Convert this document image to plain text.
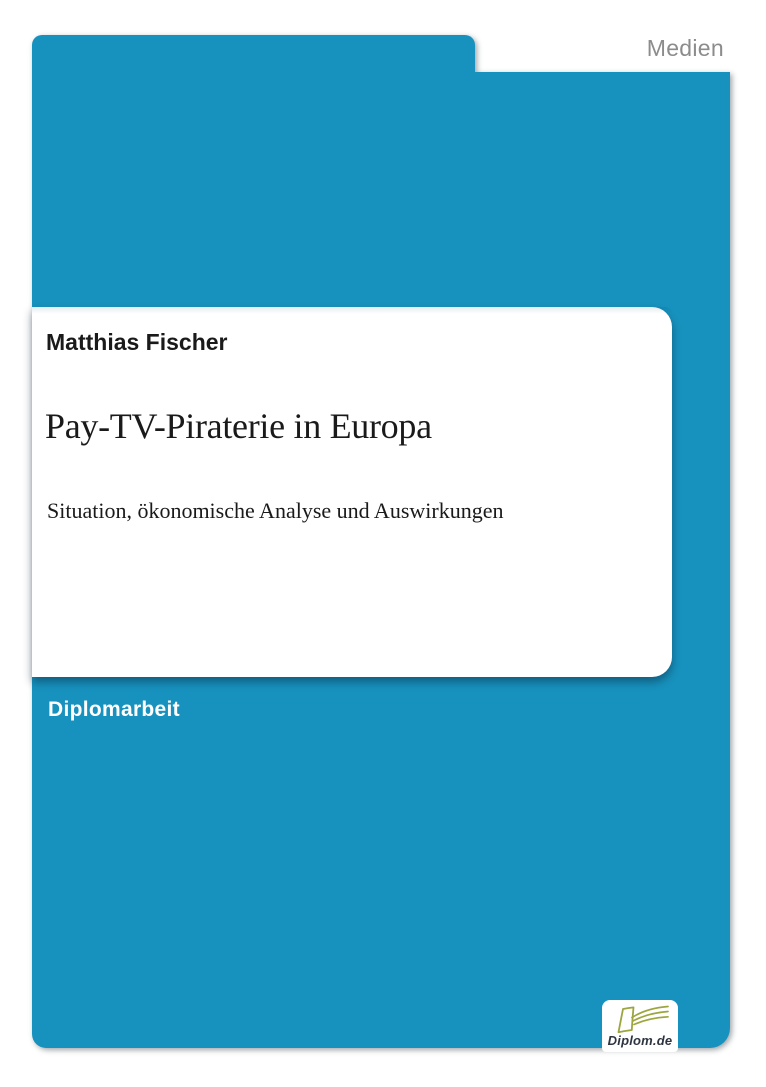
Medien
Matthias Fischer
Pay-TV-Piraterie in Europa
Situation, ökonomische Analyse und Auswirkungen
Diplomarbeit
Diplom.de
